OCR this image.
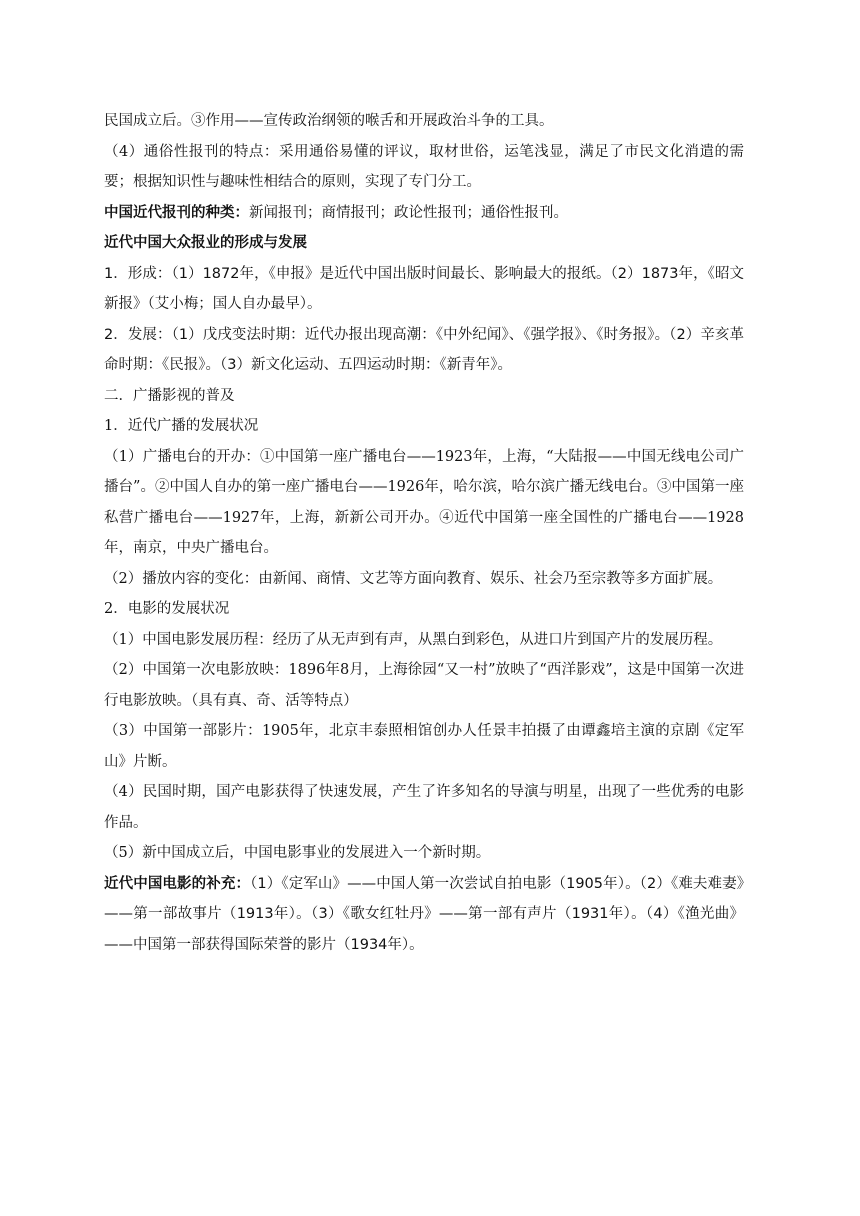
民国成立后。③作用——宣传政治纲领的喉舌和开展政治斗争的工具。

（4）通俗性报刊的特点：采用通俗易懂的评议，取材世俗，运笔浅显，满足了市民文化消遣的需要；根据知识性与趣味性相结合的原则，实现了专门分工。

中国近代报刊的种类：新闻报刊；商情报刊；政论性报刊；通俗性报刊。

近代中国大众报业的形成与发展

1．形成：（1）1872年，《申报》是近代中国出版时间最长、影响最大的报纸。（2）1873年，《昭文新报》（艾小梅；国人自办最早）。

2．发展：（1）戊戌变法时期：近代办报出现高潮：《中外纪闻》、《强学报》、《时务报》。（2）辛亥革命时期：《民报》。（3）新文化运动、五四运动时期：《新青年》。

二．广播影视的普及

1．近代广播的发展状况

（1）广播电台的开办：①中国第一座广播电台——1923年，上海，“大陆报——中国无线电公司广播台”。②中国人自办的第一座广播电台——1926年，哈尔滨，哈尔滨广播无线电台。③中国第一座私营广播电台——1927年，上海，新新公司开办。④近代中国第一座全国性的广播电台——1928年，南京，中央广播电台。

（2）播放内容的变化：由新闻、商情、文艺等方面向教育、娱乐、社会乃至宗教等多方面扩展。

2．电影的发展状况

（1）中国电影发展历程：经历了从无声到有声，从黑白到彩色，从进口片到国产片的发展历程。

（2）中国第一次电影放映：1896年8月，上海徐园“又一村”放映了“西洋影戏”，这是中国第一次进行电影放映。（具有真、奇、活等特点）

（3）中国第一部影片：1905年，北京丰泰照相馆创办人任景丰拍摄了由谭鑫培主演的京剧《定军山》片断。

（4）民国时期，国产电影获得了快速发展，产生了许多知名的导演与明星，出现了一些优秀的电影作品。

（5）新中国成立后，中国电影事业的发展进入一个新时期。

近代中国电影的补充：（1）《定军山》——中国人第一次尝试自拍电影（1905年）。（2）《难夫难妻》——第一部故事片（1913年）。（3）《歌女红牡丹》——第一部有声片（1931年）。（4）《渔光曲》——中国第一部获得国际荣誉的影片（1934年）。
